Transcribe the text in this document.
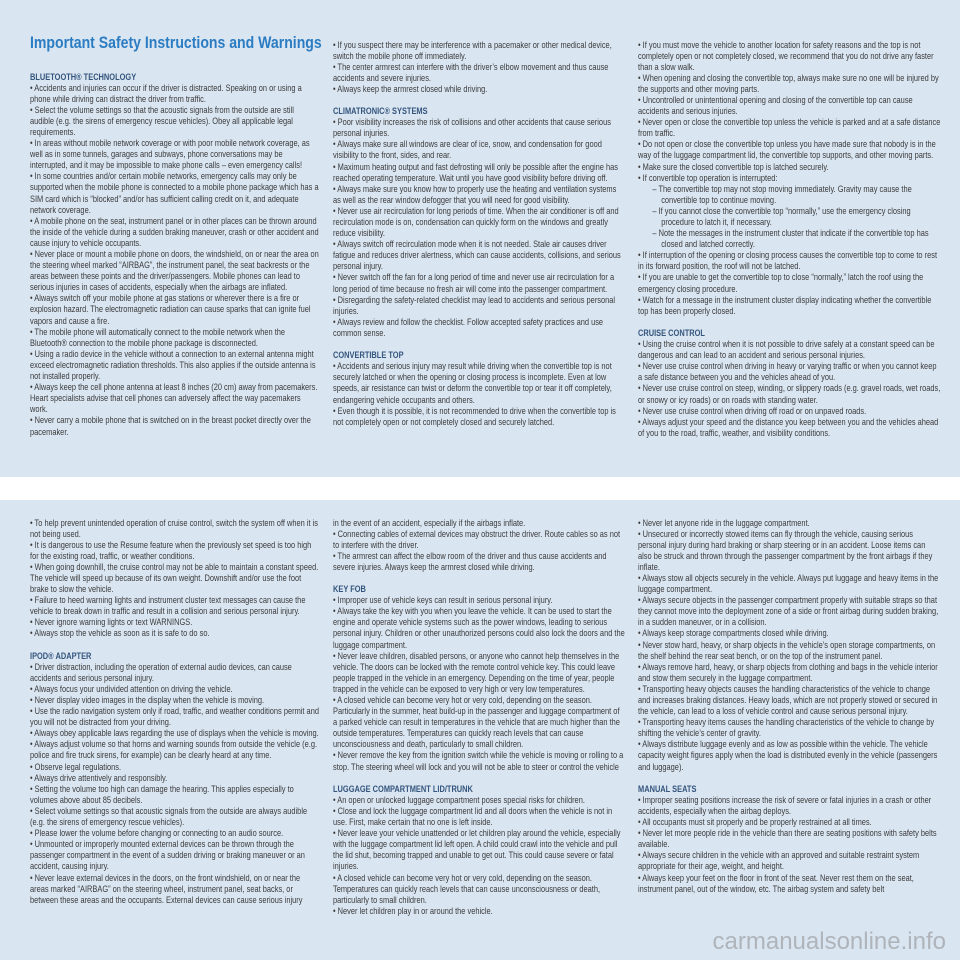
Important Safety Instructions and Warnings
BLUETOOTH® TECHNOLOGY

• Accidents and injuries can occur if the driver is distracted. Speaking on or using a phone while driving can distract the driver from traffic.

• Select the volume settings so that the acoustic signals from the outside are still audible (e.g. the sirens of emergency rescue vehicles). Obey all applicable legal requirements.

• In areas without mobile network coverage or with poor mobile network coverage, as well as in some tunnels, garages and subways, phone conversations may be interrupted, and it may be impossible to make phone calls – even emergency calls!

• In some countries and/or certain mobile networks, emergency calls may only be supported when the mobile phone is connected to a mobile phone package which has a SIM card which is “blocked” and/or has sufficient calling credit on it, and adequate network coverage.

• A mobile phone on the seat, instrument panel or in other places can be thrown around the inside of the vehicle during a sudden braking maneuver, crash or other accident and cause injury to vehicle occupants.

• Never place or mount a mobile phone on doors, the windshield, on or near the area on the steering wheel marked “AIRBAG”, the instrument panel, the seat backrests or the areas between these points and the driver/passengers. Mobile phones can lead to serious injuries in cases of accidents, especially when the airbags are inflated.

• Always switch off your mobile phone at gas stations or wherever there is a fire or explosion hazard. The electromagnetic radiation can cause sparks that can ignite fuel vapors and cause a fire.

• The mobile phone will automatically connect to the mobile network when the Bluetooth® connection to the mobile phone package is disconnected.

• Using a radio device in the vehicle without a connection to an external antenna might exceed electromagnetic radiation thresholds. This also applies if the outside antenna is not installed properly.

• Always keep the cell phone antenna at least 8 inches (20 cm) away from pacemakers. Heart specialists advise that cell phones can adversely affect the way pacemakers work.

• Never carry a mobile phone that is switched on in the breast pocket directly over the pacemaker.

• If you suspect there may be interference with a pacemaker or other medical device, switch the mobile phone off immediately.

• The center armrest can interfere with the driver’s elbow movement and thus cause accidents and severe injuries.

• Always keep the armrest closed while driving.

CLIMATRONIC® SYSTEMS

• Poor visibility increases the risk of collisions and other accidents that cause serious personal injuries.

• Always make sure all windows are clear of ice, snow, and condensation for good visibility to the front, sides, and rear.

• Maximum heating output and fast defrosting will only be possible after the engine has reached operating temperature. Wait until you have good visibility before driving off.

• Always make sure you know how to properly use the heating and ventilation systems as well as the rear window defogger that you will need for good visibility.

• Never use air recirculation for long periods of time. When the air conditioner is off and recirculation mode is on, condensation can quickly form on the windows and greatly reduce visibility.

• Always switch off recirculation mode when it is not needed. Stale air causes driver fatigue and reduces driver alertness, which can cause accidents, collisions, and serious personal injury.

• Never switch off the fan for a long period of time and never use air recirculation for a long period of time because no fresh air will come into the passenger compartment.

• Disregarding the safety-related checklist may lead to accidents and serious personal injuries.

• Always review and follow the checklist. Follow accepted safety practices and use common sense.

CONVERTIBLE TOP

• Accidents and serious injury may result while driving when the convertible top is not securely latched or when the opening or closing process is incomplete. Even at low speeds, air resistance can twist or deform the convertible top or tear it off completely, endangering vehicle occupants and others.

• Even though it is possible, it is not recommended to drive when the convertible top is not completely open or not completely closed and securely latched.

• If you must move the vehicle to another location for safety reasons and the top is not completely open or not completely closed, we recommend that you do not drive any faster than a slow walk.

• When opening and closing the convertible top, always make sure no one will be injured by the supports and other moving parts.

• Uncontrolled or unintentional opening and closing of the convertible top can cause accidents and serious injuries.

• Never open or close the convertible top unless the vehicle is parked and at a safe distance from traffic.

• Do not open or close the convertible top unless you have made sure that nobody is in the way of the luggage compartment lid, the convertible top supports, and other moving parts.

• Make sure the closed convertible top is latched securely.

• If convertible top operation is interrupted:

– The convertible top may not stop moving immediately. Gravity may cause the convertible top to continue moving.

– If you cannot close the convertible top “normally,” use the emergency closing procedure to latch it, if necessary.

– Note the messages in the instrument cluster that indicate if the convertible top has closed and latched correctly.

• If interruption of the opening or closing process causes the convertible top to come to rest in its forward position, the roof will not be latched.

• If you are unable to get the convertible top to close “normally,” latch the roof using the emergency closing procedure.

• Watch for a message in the instrument cluster display indicating whether the convertible top has been properly closed.

CRUISE CONTROL

• Using the cruise control when it is not possible to drive safely at a constant speed can be dangerous and can lead to an accident and serious personal injuries.

• Never use cruise control when driving in heavy or varying traffic or when you cannot keep a safe distance between you and the vehicles ahead of you.

• Never use cruise control on steep, winding, or slippery roads (e.g. gravel roads, wet roads, or snowy or icy roads) or on roads with standing water.

• Never use cruise control when driving off road or on unpaved roads.

• Always adjust your speed and the distance you keep between you and the vehicles ahead of you to the road, traffic, weather, and visibility conditions.

• To help prevent unintended operation of cruise control, switch the system off when it is not being used.

• It is dangerous to use the Resume feature when the previously set speed is too high for the existing road, traffic, or weather conditions.

• When going downhill, the cruise control may not be able to maintain a constant speed. The vehicle will speed up because of its own weight. Downshift and/or use the foot brake to slow the vehicle.

• Failure to heed warning lights and instrument cluster text messages can cause the vehicle to break down in traffic and result in a collision and serious personal injury.

• Never ignore warning lights or text WARNINGS.

• Always stop the vehicle as soon as it is safe to do so.

IPOD® ADAPTER

• Driver distraction, including the operation of external audio devices, can cause accidents and serious personal injury.

• Always focus your undivided attention on driving the vehicle.

• Never display video images in the display when the vehicle is moving.

• Use the radio navigation system only if road, traffic, and weather conditions permit and you will not be distracted from your driving.

• Always obey applicable laws regarding the use of displays when the vehicle is moving.

• Always adjust volume so that horns and warning sounds from outside the vehicle (e.g. police and fire truck sirens, for example) can be clearly heard at any time.

• Observe legal regulations.

• Always drive attentively and responsibly.

• Setting the volume too high can damage the hearing. This applies especially to volumes above about 85 decibels.

• Select volume settings so that acoustic signals from the outside are always audible (e.g. the sirens of emergency rescue vehicles).

• Please lower the volume before changing or connecting to an audio source.

• Unmounted or improperly mounted external devices can be thrown through the passenger compartment in the event of a sudden driving or braking maneuver or an accident, causing injury.

• Never leave external devices in the doors, on the front windshield, on or near the areas marked “AIRBAG” on the steering wheel, instrument panel, seat backs, or between these areas and the occupants. External devices can cause serious injury

in the event of an accident, especially if the airbags inflate.

• Connecting cables of external devices may obstruct the driver. Route cables so as not to interfere with the driver.

• The armrest can affect the elbow room of the driver and thus cause accidents and severe injuries. Always keep the armrest closed while driving.

KEY FOB

• Improper use of vehicle keys can result in serious personal injury.

• Always take the key with you when you leave the vehicle. It can be used to start the engine and operate vehicle systems such as the power windows, leading to serious personal injury. Children or other unauthorized persons could also lock the doors and the luggage compartment.

• Never leave children, disabled persons, or anyone who cannot help themselves in the vehicle. The doors can be locked with the remote control vehicle key. This could leave people trapped in the vehicle in an emergency. Depending on the time of year, people trapped in the vehicle can be exposed to very high or very low temperatures.

• A closed vehicle can become very hot or very cold, depending on the season. Particularly in the summer, heat build-up in the passenger and luggage compartment of a parked vehicle can result in temperatures in the vehicle that are much higher than the outside temperatures. Temperatures can quickly reach levels that can cause unconsciousness and death, particularly to small children.

• Never remove the key from the ignition switch while the vehicle is moving or rolling to a stop. The steering wheel will lock and you will not be able to steer or control the vehicle

LUGGAGE COMPARTMENT LID/TRUNK

• An open or unlocked luggage compartment poses special risks for children.

• Close and lock the luggage compartment lid and all doors when the vehicle is not in use. First, make certain that no one is left inside.

• Never leave your vehicle unattended or let children play around the vehicle, especially with the luggage compartment lid left open. A child could crawl into the vehicle and pull the lid shut, becoming trapped and unable to get out. This could cause severe or fatal injuries.

• A closed vehicle can become very hot or very cold, depending on the season. Temperatures can quickly reach levels that can cause unconsciousness or death, particularly to small children.

• Never let children play in or around the vehicle.

• Never let anyone ride in the luggage compartment.

• Unsecured or incorrectly stowed items can fly through the vehicle, causing serious personal injury during hard braking or sharp steering or in an accident. Loose items can also be struck and thrown through the passenger compartment by the front airbags if they inflate.

• Always stow all objects securely in the vehicle. Always put luggage and heavy items in the luggage compartment.

• Always secure objects in the passenger compartment properly with suitable straps so that they cannot move into the deployment zone of a side or front airbag during sudden braking, in a sudden maneuver, or in a collision.

• Always keep storage compartments closed while driving.

• Never stow hard, heavy, or sharp objects in the vehicle’s open storage compartments, on the shelf behind the rear seat bench, or on the top of the instrument panel.

• Always remove hard, heavy, or sharp objects from clothing and bags in the vehicle interior and stow them securely in the luggage compartment.

• Transporting heavy objects causes the handling characteristics of the vehicle to change and increases braking distances. Heavy loads, which are not properly stowed or secured in the vehicle, can lead to a loss of vehicle control and cause serious personal injury.

• Transporting heavy items causes the handling characteristics of the vehicle to change by shifting the vehicle’s center of gravity.

• Always distribute luggage evenly and as low as possible within the vehicle. The vehicle capacity weight figures apply when the load is distributed evenly in the vehicle (passengers and luggage).

MANUAL SEATS

• Improper seating positions increase the risk of severe or fatal injuries in a crash or other accidents, especially when the airbag deploys.

• All occupants must sit properly and be properly restrained at all times.

• Never let more people ride in the vehicle than there are seating positions with safety belts available.

• Always secure children in the vehicle with an approved and suitable restraint system appropriate for their age, weight, and height.

• Always keep your feet on the floor in front of the seat. Never rest them on the seat, instrument panel, out of the window, etc. The airbag system and safety belt

carmanualsonline.info
